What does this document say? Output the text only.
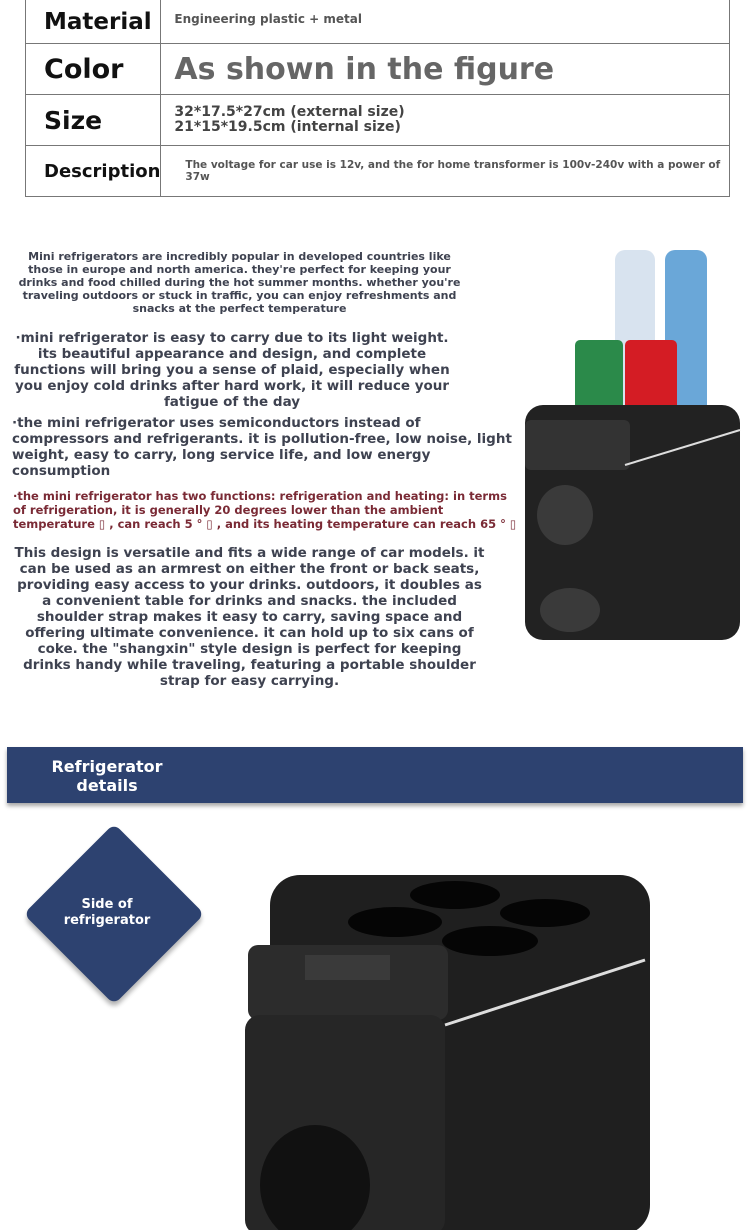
Material	Engineering plastic + metal
Color	As shown in the figure
Size	32*17.5*27cm (external size)
21*15*19.5cm (internal size)

Description	The voltage for car use is 12v, and the for home transformer is 100v-240v with a power of 37w
Mini refrigerators are incredibly popular in developed countries like those in europe and north america. they're perfect for keeping your drinks and food chilled during the hot summer months. whether you're traveling outdoors or stuck in traffic, you can enjoy refreshments and snacks at the perfect temperature
·mini refrigerator is easy to carry due to its light weight. its beautiful appearance and design, and complete functions will bring you a sense of plaid, especially when you enjoy cold drinks after hard work, it will reduce your fatigue of the day
·the mini refrigerator uses semiconductors instead of compressors and refrigerants. it is pollution-free, low noise, light weight, easy to carry, long service life, and low energy consumption
·the mini refrigerator has two functions: refrigeration and heating: in terms of refrigeration, it is generally 20 degrees lower than the ambient temperature ▯ , can reach 5 ° ▯ , and its heating temperature can reach 65 ° ▯
This design is versatile and fits a wide range of car models. it can be used as an armrest on either the front or back seats, providing easy access to your drinks. outdoors, it doubles as a convenient table for drinks and snacks. the included shoulder strap makes it easy to carry, saving space and offering ultimate convenience. it can hold up to six cans of coke. the "shangxin" style design is perfect for keeping drinks handy while traveling, featuring a portable shoulder strap for easy carrying.
Refrigerator details
Side of refrigerator
